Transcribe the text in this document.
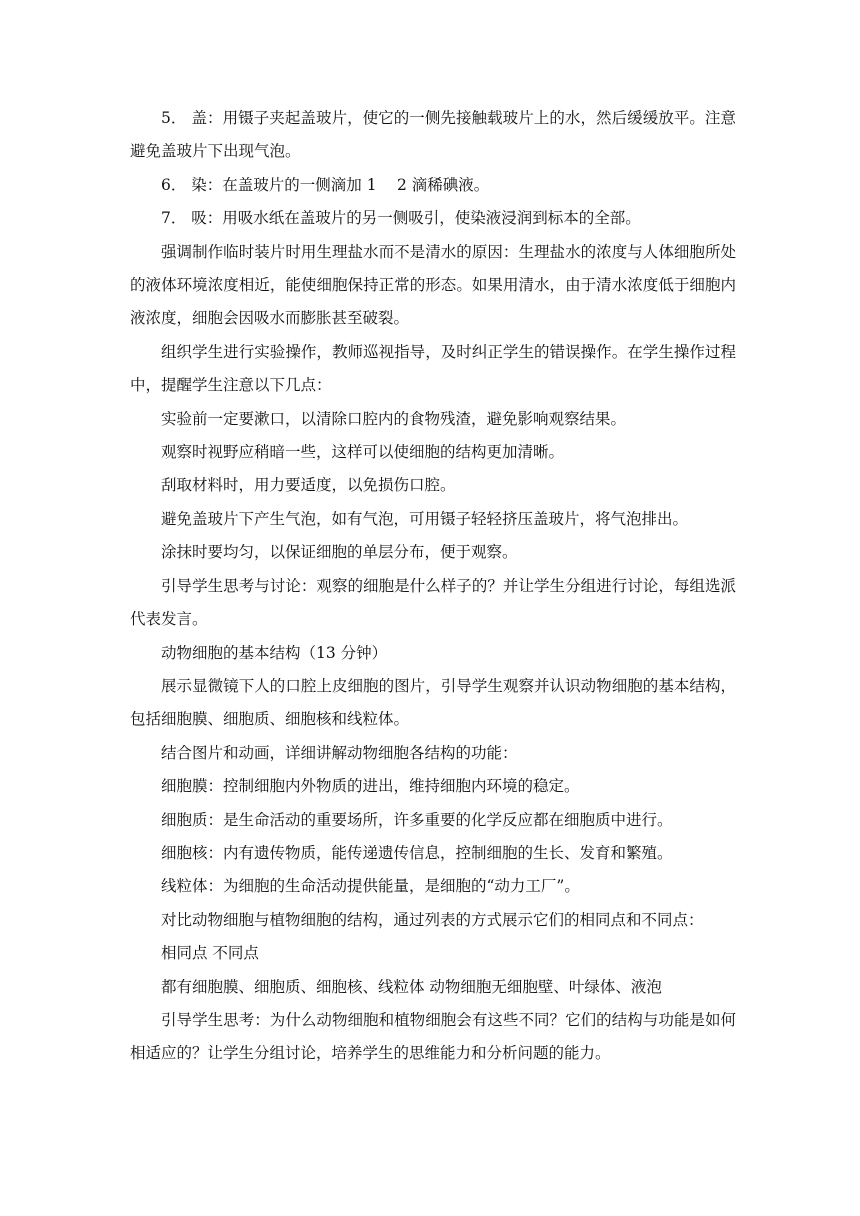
5． 盖：用镊子夹起盖玻片，使它的一侧先接触载玻片上的水，然后缓缓放平。注意避免盖玻片下出现气泡。

6． 染：在盖玻片的一侧滴加 1　 2 滴稀碘液。

7． 吸：用吸水纸在盖玻片的另一侧吸引，使染液浸润到标本的全部。

强调制作临时装片时用生理盐水而不是清水的原因：生理盐水的浓度与人体细胞所处的液体环境浓度相近，能使细胞保持正常的形态。如果用清水，由于清水浓度低于细胞内液浓度，细胞会因吸水而膨胀甚至破裂。

组织学生进行实验操作，教师巡视指导，及时纠正学生的错误操作。在学生操作过程中，提醒学生注意以下几点：

实验前一定要漱口，以清除口腔内的食物残渣，避免影响观察结果。

观察时视野应稍暗一些，这样可以使细胞的结构更加清晰。

刮取材料时，用力要适度，以免损伤口腔。

避免盖玻片下产生气泡，如有气泡，可用镊子轻轻挤压盖玻片，将气泡排出。

涂抹时要均匀，以保证细胞的单层分布，便于观察。

引导学生思考与讨论：观察的细胞是什么样子的？并让学生分组进行讨论，每组选派代表发言。

动物细胞的基本结构（13 分钟）

展示显微镜下人的口腔上皮细胞的图片，引导学生观察并认识动物细胞的基本结构，包括细胞膜、细胞质、细胞核和线粒体。

结合图片和动画，详细讲解动物细胞各结构的功能：

细胞膜：控制细胞内外物质的进出，维持细胞内环境的稳定。

细胞质：是生命活动的重要场所，许多重要的化学反应都在细胞质中进行。

细胞核：内有遗传物质，能传递遗传信息，控制细胞的生长、发育和繁殖。

线粒体：为细胞的生命活动提供能量，是细胞的“动力工厂”。

对比动物细胞与植物细胞的结构，通过列表的方式展示它们的相同点和不同点：

相同点 不同点

都有细胞膜、细胞质、细胞核、线粒体 动物细胞无细胞壁、叶绿体、液泡

引导学生思考：为什么动物细胞和植物细胞会有这些不同？它们的结构与功能是如何相适应的？让学生分组讨论，培养学生的思维能力和分析问题的能力。
